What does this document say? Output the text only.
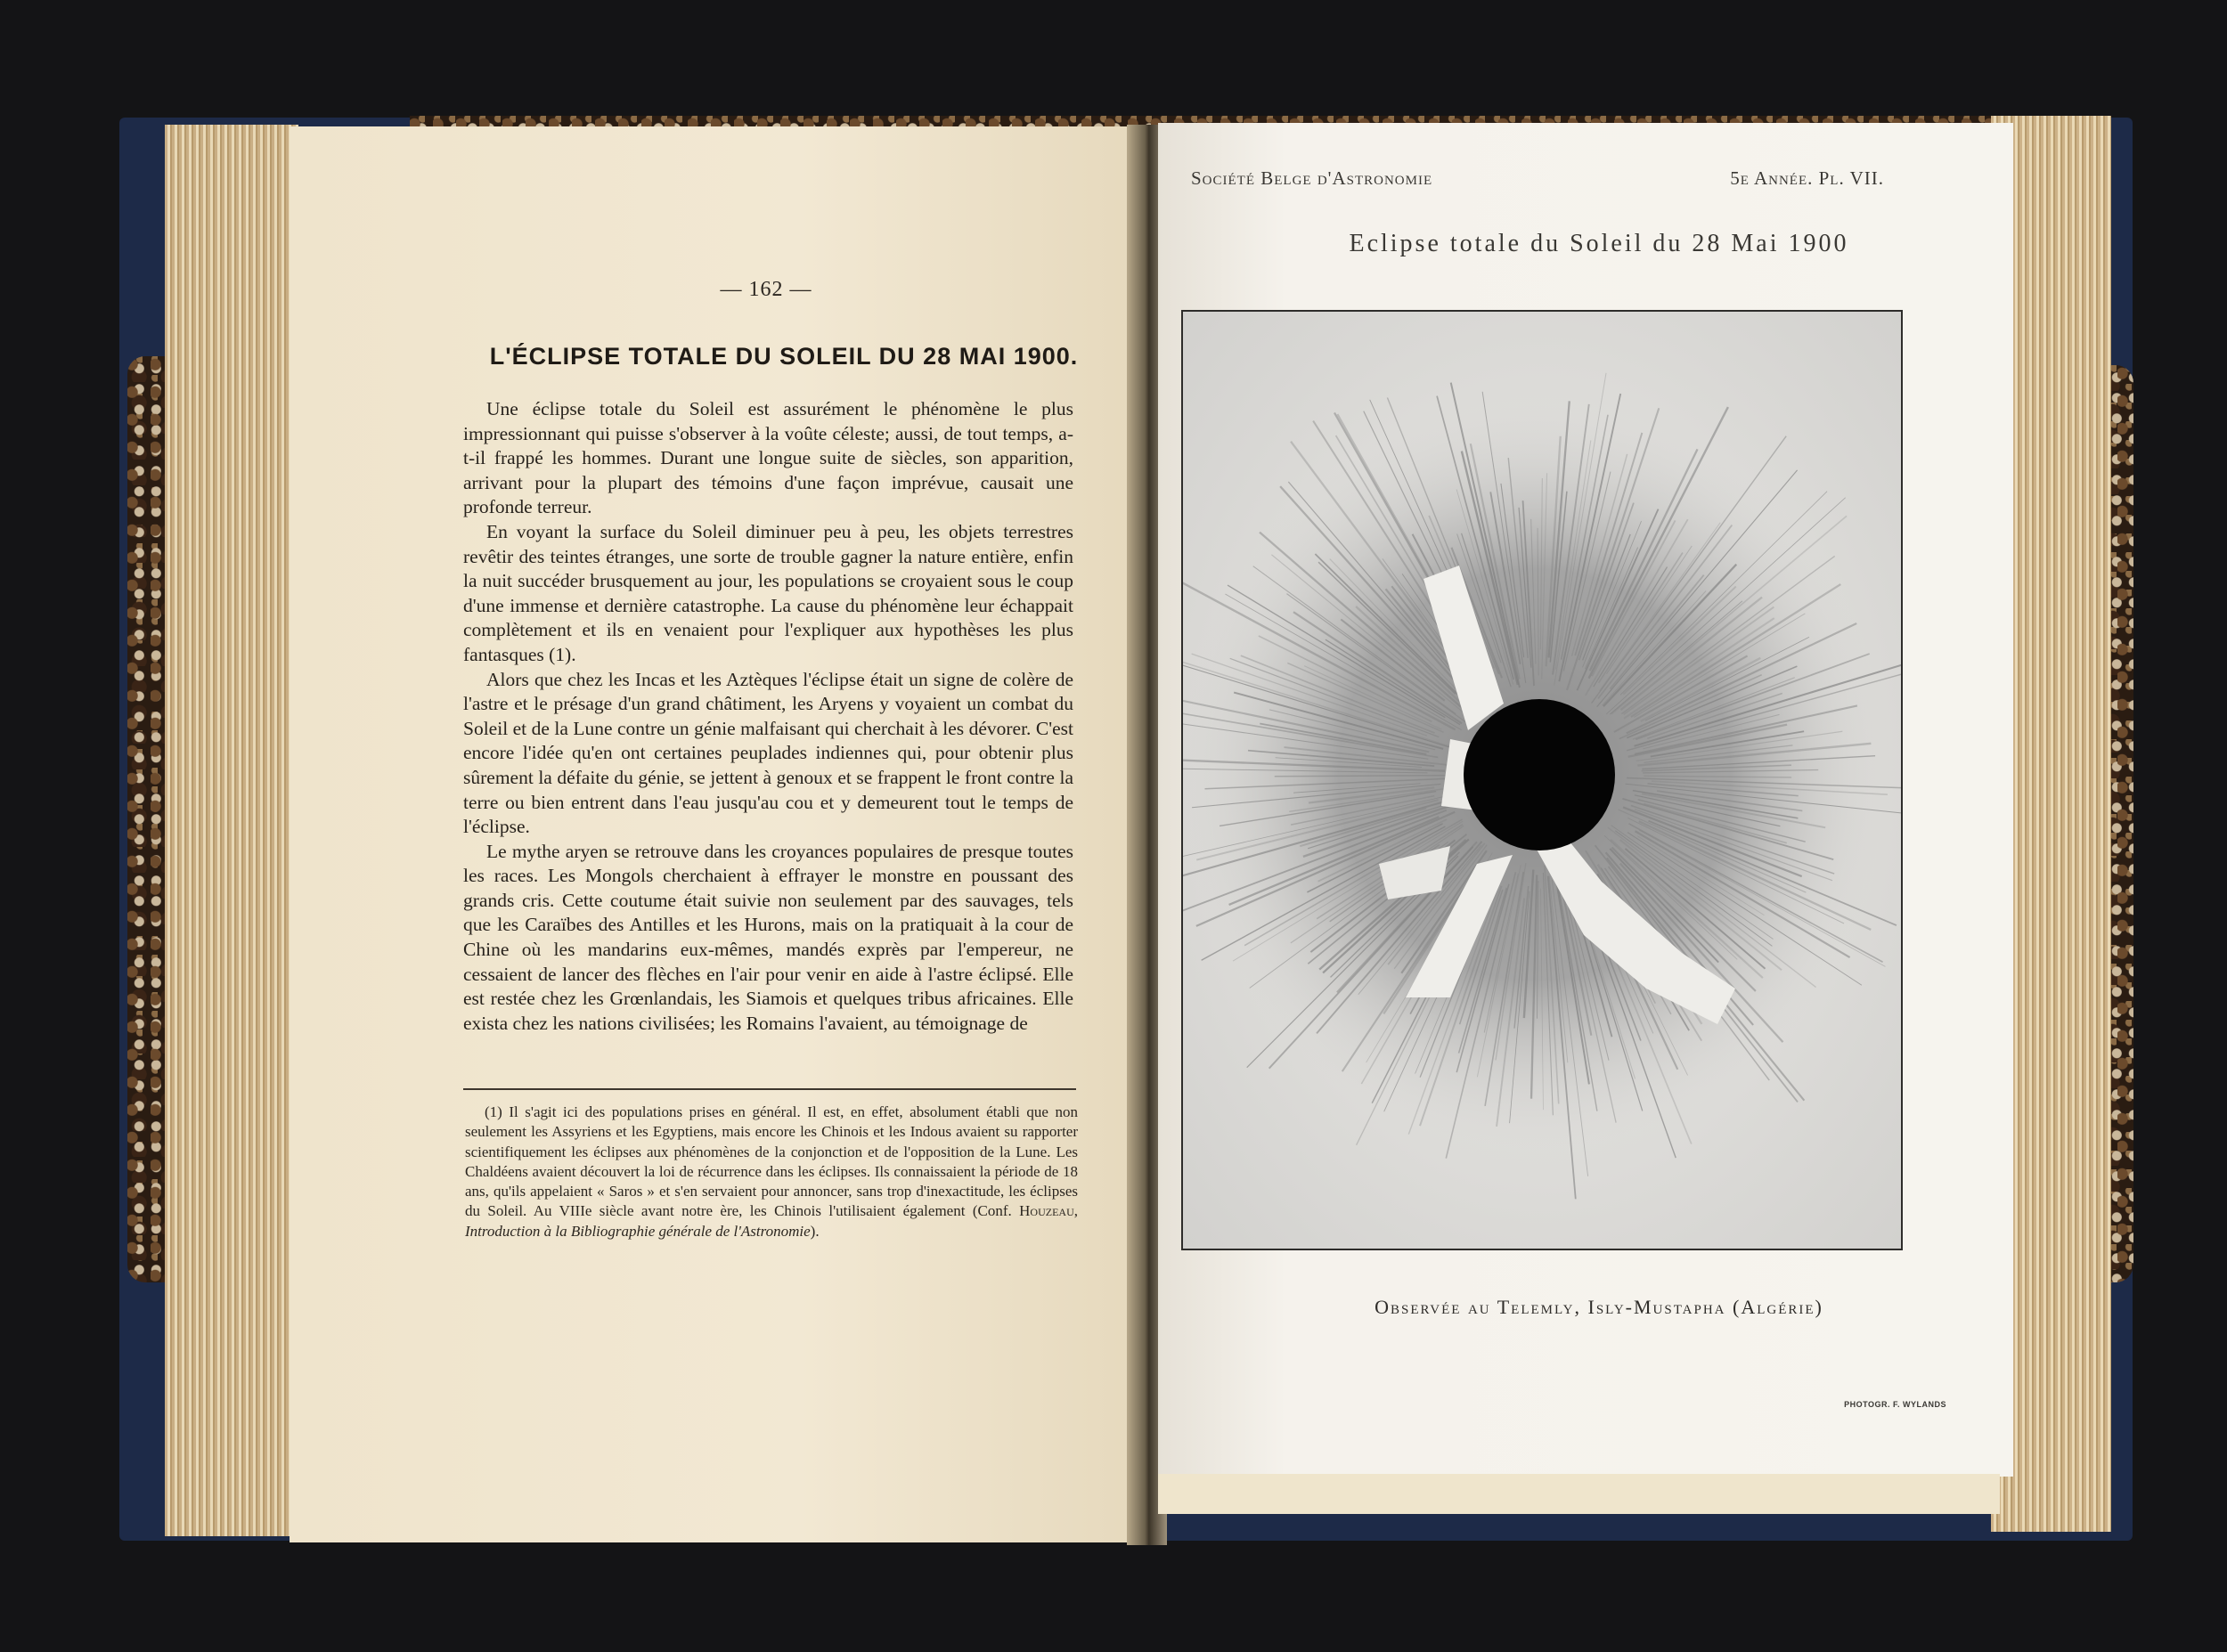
— 162 —
L'ÉCLIPSE TOTALE DU SOLEIL DU 28 MAI 1900.

Une éclipse totale du Soleil est assurément le phénomène le plus impressionnant qui puisse s'observer à la voûte céleste; aussi, de tout temps, a-t-il frappé les hommes. Durant une longue suite de siècles, son apparition, arrivant pour la plupart des témoins d'une façon imprévue, causait une profonde terreur.

En voyant la surface du Soleil diminuer peu à peu, les objets terrestres revêtir des teintes étranges, une sorte de trouble gagner la nature entière, enfin la nuit succéder brusquement au jour, les populations se croyaient sous le coup d'une immense et dernière catastrophe. La cause du phénomène leur échappait complètement et ils en venaient pour l'expliquer aux hypothèses les plus fantasques (1).

Alors que chez les Incas et les Aztèques l'éclipse était un signe de colère de l'astre et le présage d'un grand châtiment, les Aryens y voyaient un combat du Soleil et de la Lune contre un génie malfaisant qui cherchait à les dévorer. C'est encore l'idée qu'en ont certaines peuplades indiennes qui, pour obtenir plus sûrement la défaite du génie, se jettent à genoux et se frappent le front contre la terre ou bien entrent dans l'eau jusqu'au cou et y demeurent tout le temps de l'éclipse.

Le mythe aryen se retrouve dans les croyances populaires de presque toutes les races. Les Mongols cherchaient à effrayer le monstre en poussant des grands cris. Cette coutume était suivie non seulement par des sauvages, tels que les Caraïbes des Antilles et les Hurons, mais on la pratiquait à la cour de Chine où les mandarins eux-mêmes, mandés exprès par l'empereur, ne cessaient de lancer des flèches en l'air pour venir en aide à l'astre éclipsé. Elle est restée chez les Grœnlandais, les Siamois et quelques tribus africaines. Elle exista chez les nations civilisées; les Romains l'avaient, au témoignage de

(1) Il s'agit ici des populations prises en général. Il est, en effet, absolument établi que non seulement les Assyriens et les Egyptiens, mais encore les Chinois et les Indous avaient su rapporter scientifiquement les éclipses aux phénomènes de la conjonction et de l'opposition de la Lune. Les Chaldéens avaient découvert la loi de récurrence dans les éclipses. Ils connaissaient la période de 18 ans, qu'ils appelaient « Saros » et s'en servaient pour annoncer, sans trop d'inexactitude, les éclipses du Soleil. Au VIIIe siècle avant notre ère, les Chinois l'utilisaient également (Conf. Houzeau, Introduction à la Bibliographie générale de l'Astronomie).

Société Belge d'Astronomie	5e Année. Pl. VII.
Eclipse totale du Soleil du 28 Mai 1900
Observée au Telemly, Isly-Mustapha (Algérie)
PHOTOGR. F. WYLANDS
